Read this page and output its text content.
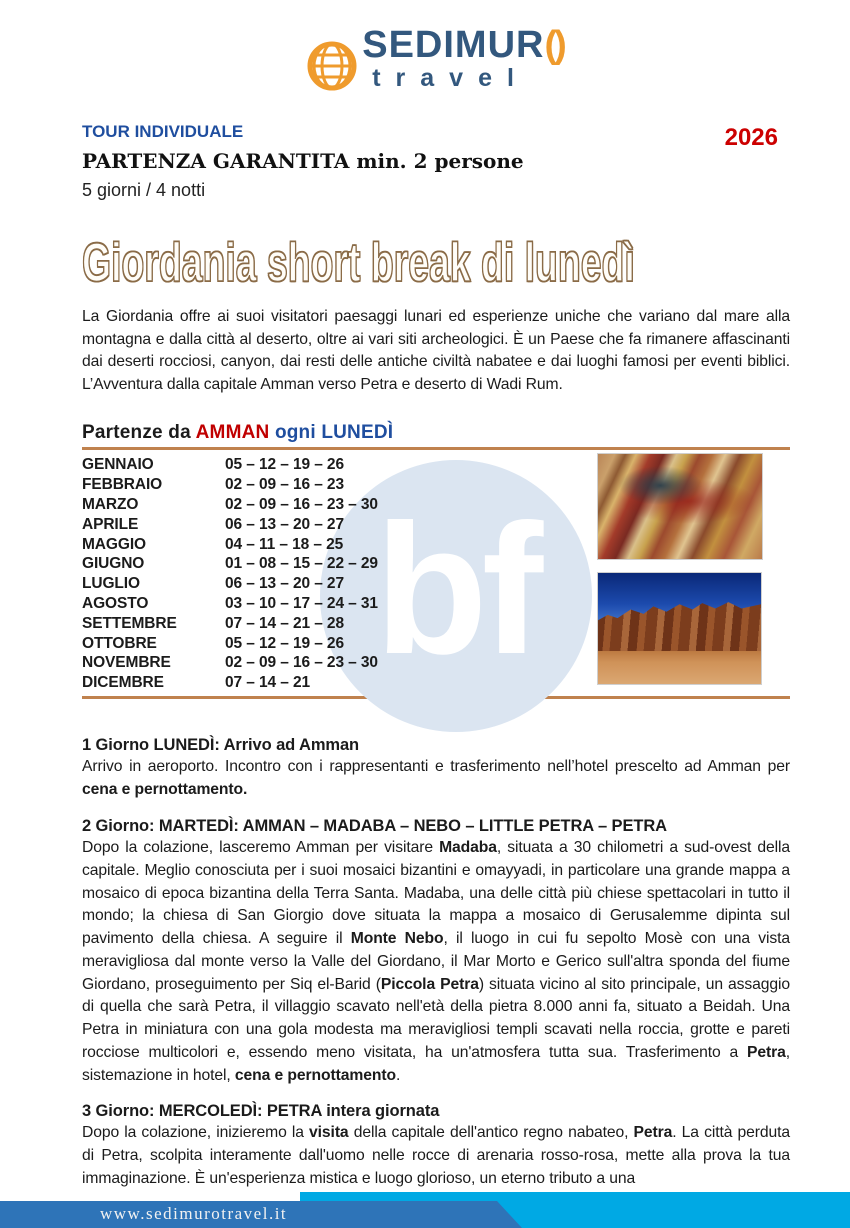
SEDIMUR()
travel
2026
TOUR INDIVIDUALE
PARTENZA GARANTITA min. 2 persone
5 giorni / 4 notti
Giordania short break di lunedì

La Giordania offre ai suoi visitatori paesaggi lunari ed esperienze uniche che variano dal mare alla montagna e dalla città al deserto, oltre ai vari siti archeologici. È un Paese che fa rimanere affascinanti dai deserti rocciosi, canyon, dai resti delle antiche civiltà nabatee e dai luoghi famosi per eventi biblici. L’Avventura dalla capitale Amman verso Petra e deserto di Wadi Rum.

Partenze da AMMAN ogni LUNEDÌ
bf
GENNAIO	05 – 12 – 19 – 26
FEBBRAIO	02 – 09 – 16 – 23
MARZO	02 – 09 – 16 – 23 – 30
APRILE	06 – 13 – 20 – 27
MAGGIO	04 – 11 – 18 – 25
GIUGNO	01 – 08 – 15 – 22 – 29
LUGLIO	06 – 13 – 20 – 27
AGOSTO	03 – 10 – 17 – 24 – 31
SETTEMBRE	07 – 14 – 21 – 28
OTTOBRE	05 – 12 – 19 – 26
NOVEMBRE	02 – 09 – 16 – 23 – 30
DICEMBRE	07 – 14 – 21
1 Giorno LUNEDÌ: Arrivo ad Amman

Arrivo in aeroporto. Incontro con i rappresentanti e trasferimento nell’hotel prescelto ad Amman per cena e pernottamento.

2 Giorno: MARTEDÌ: AMMAN – MADABA – NEBO – LITTLE PETRA – PETRA

Dopo la colazione, lasceremo Amman per visitare Madaba, situata a 30 chilometri a sud-ovest della capitale. Meglio conosciuta per i suoi mosaici bizantini e omayyadi, in particolare una grande mappa a mosaico di epoca bizantina della Terra Santa. Madaba, una delle città più chiese spettacolari in tutto il mondo; la chiesa di San Giorgio dove situata la mappa a mosaico di Gerusalemme dipinta sul pavimento della chiesa. A seguire il Monte Nebo, il luogo in cui fu sepolto Mosè con una vista meravigliosa dal monte verso la Valle del Giordano, il Mar Morto e Gerico sull'altra sponda del fiume Giordano, proseguimento per Siq el-Barid (Piccola Petra) situata vicino al sito principale, un assaggio di quella che sarà Petra, il villaggio scavato nell'età della pietra 8.000 anni fa, situato a Beidah. Una Petra in miniatura con una gola modesta ma meravigliosi templi scavati nella roccia, grotte e pareti rocciose multicolori e, essendo meno visitata, ha un'atmosfera tutta sua. Trasferimento a Petra, sistemazione in hotel, cena e pernottamento.

3 Giorno: MERCOLEDÌ: PETRA intera giornata

Dopo la colazione, inizieremo la visita della capitale dell'antico regno nabateo, Petra. La città perduta di Petra, scolpita interamente dall'uomo nelle rocce di arenaria rosso-rosa, mette alla prova la tua immaginazione. È un'esperienza mistica e luogo glorioso, un eterno tributo a una

www.sedimurotravel.it
